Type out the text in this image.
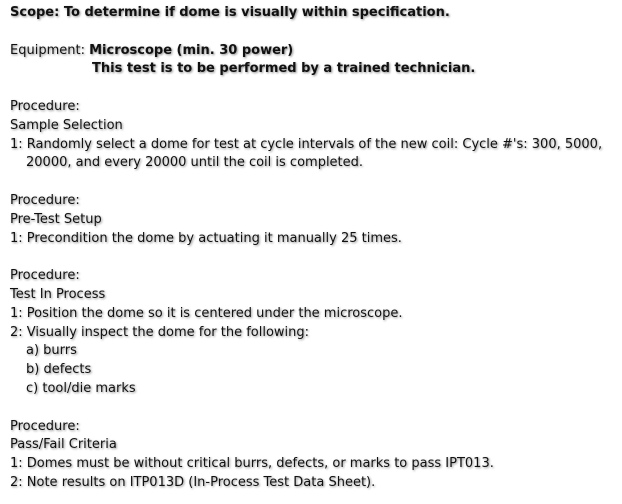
Scope: To determine if dome is visually within specification.
Equipment: Microscope (min. 30 power)
This test is to be performed by a trained technician.
Procedure:
Sample Selection
1: Randomly select a dome for test at cycle intervals of the new coil: Cycle #'s: 300, 5000,
20000, and every 20000 until the coil is completed.
Procedure:
Pre-Test Setup
1: Precondition the dome by actuating it manually 25 times.
Procedure:
Test In Process
1: Position the dome so it is centered under the microscope.
2: Visually inspect the dome for the following:
a) burrs
b) defects
c) tool/die marks
Procedure:
Pass/Fail Criteria
1: Domes must be without critical burrs, defects, or marks to pass IPT013.
2: Note results on ITP013D (In-Process Test Data Sheet).
